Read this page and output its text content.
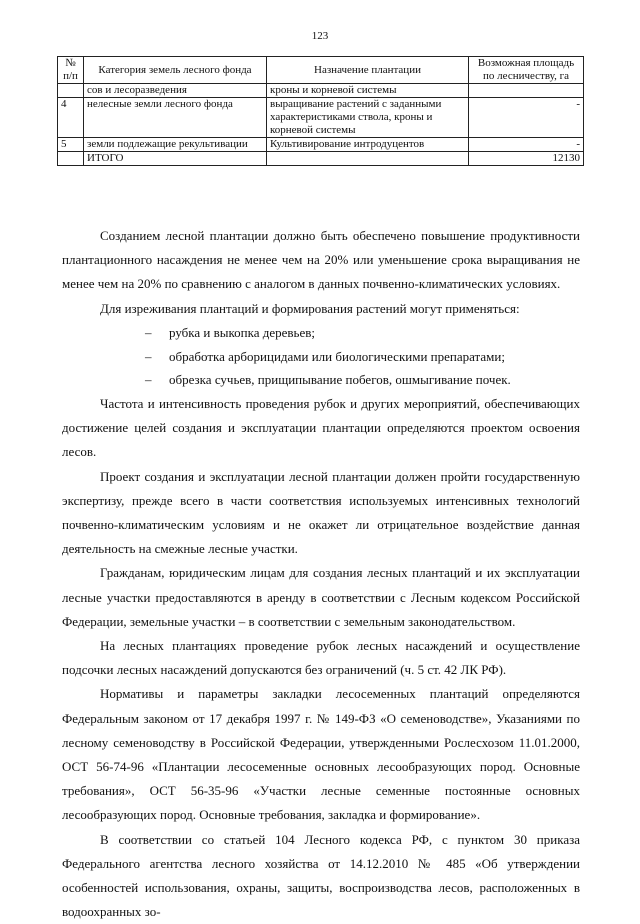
123
№ п/п	Категория земель лесного фонда	Назначение плантации	Возможная площадь по лесничеству, га
	сов и лесоразведения	кроны и корневой системы	
4	нелесные земли лесного фонда	выращивание растений с заданными характеристиками ствола, кроны и корневой системы	-
5	земли подлежащие рекультивации	Культивирование интродуцентов	-
	ИТОГО		12130

Созданием лесной плантации должно быть обеспечено повышение продуктивности плантационного насаждения не менее чем на 20% или уменьшение срока выращивания не менее чем на 20% по сравнению с аналогом в данных почвенно-климатических условиях.

Для изреживания плантаций и формирования растений могут применяться:

– рубка и выкопка деревьев;
– обработка арборицидами или биологическими препаратами;
– обрезка сучьев, прищипывание побегов, ошмыгивание почек.

Частота и интенсивность проведения рубок и других мероприятий, обеспечивающих достижение целей создания и эксплуатации плантации определяются проектом освоения лесов.

Проект создания и эксплуатации лесной плантации должен пройти государственную экспертизу, прежде всего в части соответствия используемых интенсивных технологий почвенно-климатическим условиям и не окажет ли отрицательное воздействие данная деятельность на смежные лесные участки.

Гражданам, юридическим лицам для создания лесных плантаций и их эксплуатации лесные участки предоставляются в аренду в соответствии с Лесным кодексом Российской Федерации, земельные участки – в соответствии с земельным законодательством.

На лесных плантациях проведение рубок лесных насаждений и осуществление подсочки лесных насаждений допускаются без ограничений (ч. 5 ст. 42 ЛК РФ).

Нормативы и параметры закладки лесосеменных плантаций определяются Федеральным законом от 17 декабря 1997 г. № 149-ФЗ «О семеноводстве», Указаниями по лесному семеноводству в Российской Федерации, утвержденными Рослесхозом 11.01.2000, ОСТ 56-74-96 «Плантации лесосеменные основных лесообразующих пород. Основные требования», ОСТ 56-35-96 «Участки лесные семенные постоянные основных лесообразующих пород. Основные требования, закладка и формирование».

В соответствии со статьей 104 Лесного кодекса РФ, с пунктом 30 приказа Федерального агентства лесного хозяйства от 14.12.2010 № 485 «Об утверждении особенностей использования, охраны, защиты, воспроизводства лесов, расположенных в водоохранных зо-
